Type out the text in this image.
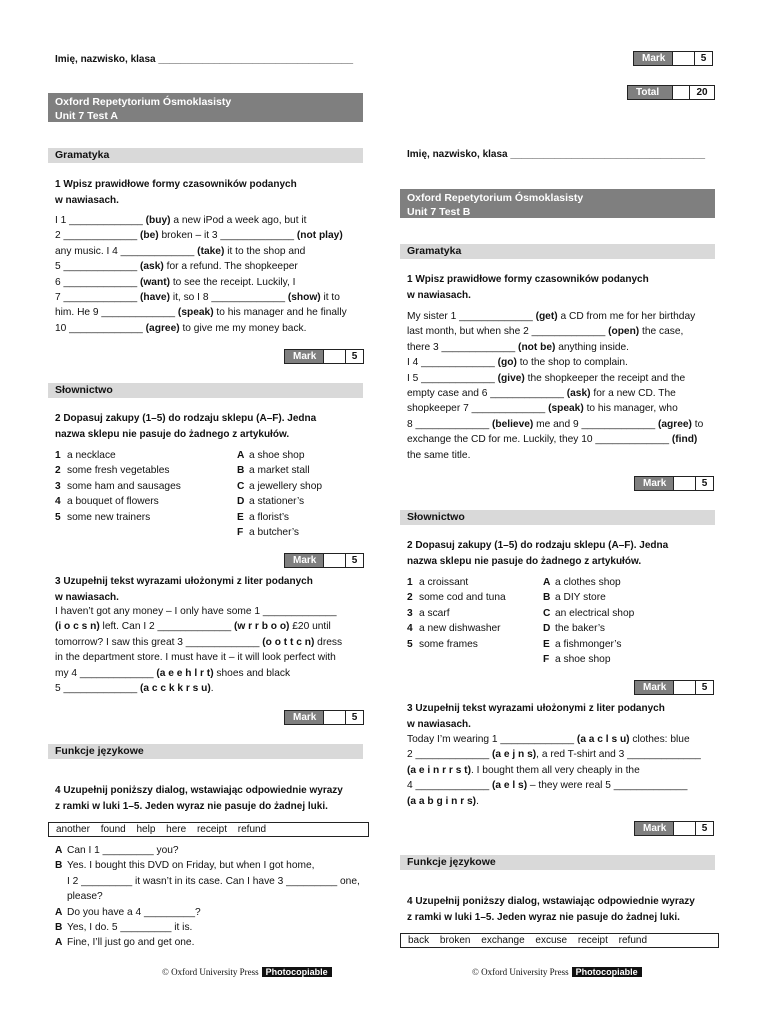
Mark	5
Total	20
Imię, nazwisko, klasa ___________________________________
Oxford Repetytorium Ósmoklasisty
Unit 7 Test A
Gramatyka
1 Wpisz prawidłowe formy czasowników podanych
w nawiasach.
I 1 _____________ (buy) a new iPod a week ago, but it
2 _____________ (be) broken – it 3 _____________ (not play)
any music. I 4 _____________ (take) it to the shop and
5 _____________ (ask) for a refund. The shopkeeper
6 _____________ (want) to see the receipt. Luckily, I
7 _____________ (have) it, so I 8 _____________ (show) it to
him. He 9 _____________ (speak) to his manager and he finally
10 _____________ (agree) to give me my money back.
Mark	5
Słownictwo
2 Dopasuj zakupy (1–5) do rodzaju sklepu (A–F). Jedna
nazwa sklepu nie pasuje do żadnego z artykułów.
1 a necklace
2 some fresh vegetables
3 some ham and sausages
4 a bouquet of flowers
5 some new trainers
A a shoe shop
B a market stall
C a jewellery shop
D a stationer’s
E a florist’s
F a butcher’s
Mark	5
3 Uzupełnij tekst wyrazami ułożonymi z liter podanych
w nawiasach.
I haven’t got any money – I only have some 1 _____________
(i o c s n) left. Can I 2 _____________ (w r r b o o) £20 until
tomorrow? I saw this great 3 _____________ (o o t t c n) dress
in the department store. I must have it – it will look perfect with
my 4 _____________ (a e e h l r t) shoes and black
5 _____________ (a c c k k r s u).
Mark	5
Funkcje językowe
4 Uzupełnij poniższy dialog, wstawiając odpowiednie wyrazy
z ramki w luki 1–5. Jeden wyraz nie pasuje do żadnej luki.
another found help here receipt refund
A Can I 1 _________ you?
B Yes. I bought this DVD on Friday, but when I got home,
I 2 _________ it wasn’t in its case. Can I have 3 _________ one,
please?
A Do you have a 4 _________?
B Yes, I do. 5 _________ it is.
A Fine, I’ll just go and get one.
© Oxford University Press Photocopiable
Imię, nazwisko, klasa ___________________________________
Oxford Repetytorium Ósmoklasisty
Unit 7 Test B
Gramatyka
1 Wpisz prawidłowe formy czasowników podanych
w nawiasach.
My sister 1 _____________ (get) a CD from me for her birthday
last month, but when she 2 _____________ (open) the case,
there 3 _____________ (not be) anything inside.
I 4 _____________ (go) to the shop to complain.
I 5 _____________ (give) the shopkeeper the receipt and the
empty case and 6 _____________ (ask) for a new CD. The
shopkeeper 7 _____________ (speak) to his manager, who
8 _____________ (believe) me and 9 _____________ (agree) to
exchange the CD for me. Luckily, they 10 _____________ (find)
the same title.
Mark	5
Słownictwo
2 Dopasuj zakupy (1–5) do rodzaju sklepu (A–F). Jedna
nazwa sklepu nie pasuje do żadnego z artykułów.
1 a croissant
2 some cod and tuna
3 a scarf
4 a new dishwasher
5 some frames
A a clothes shop
B a DIY store
C an electrical shop
D the baker’s
E a fishmonger’s
F a shoe shop
Mark	5
3 Uzupełnij tekst wyrazami ułożonymi z liter podanych
w nawiasach.
Today I’m wearing 1 _____________ (a a c l s u) clothes: blue
2 _____________ (a e j n s), a red T-shirt and 3 _____________
(a e i n r r s t). I bought them all very cheaply in the
4 _____________ (a e l s) – they were real 5 _____________
(a a b g i n r s).
Mark	5
Funkcje językowe
4 Uzupełnij poniższy dialog, wstawiając odpowiednie wyrazy
z ramki w luki 1–5. Jeden wyraz nie pasuje do żadnej luki.
back broken exchange excuse receipt refund
© Oxford University Press Photocopiable
